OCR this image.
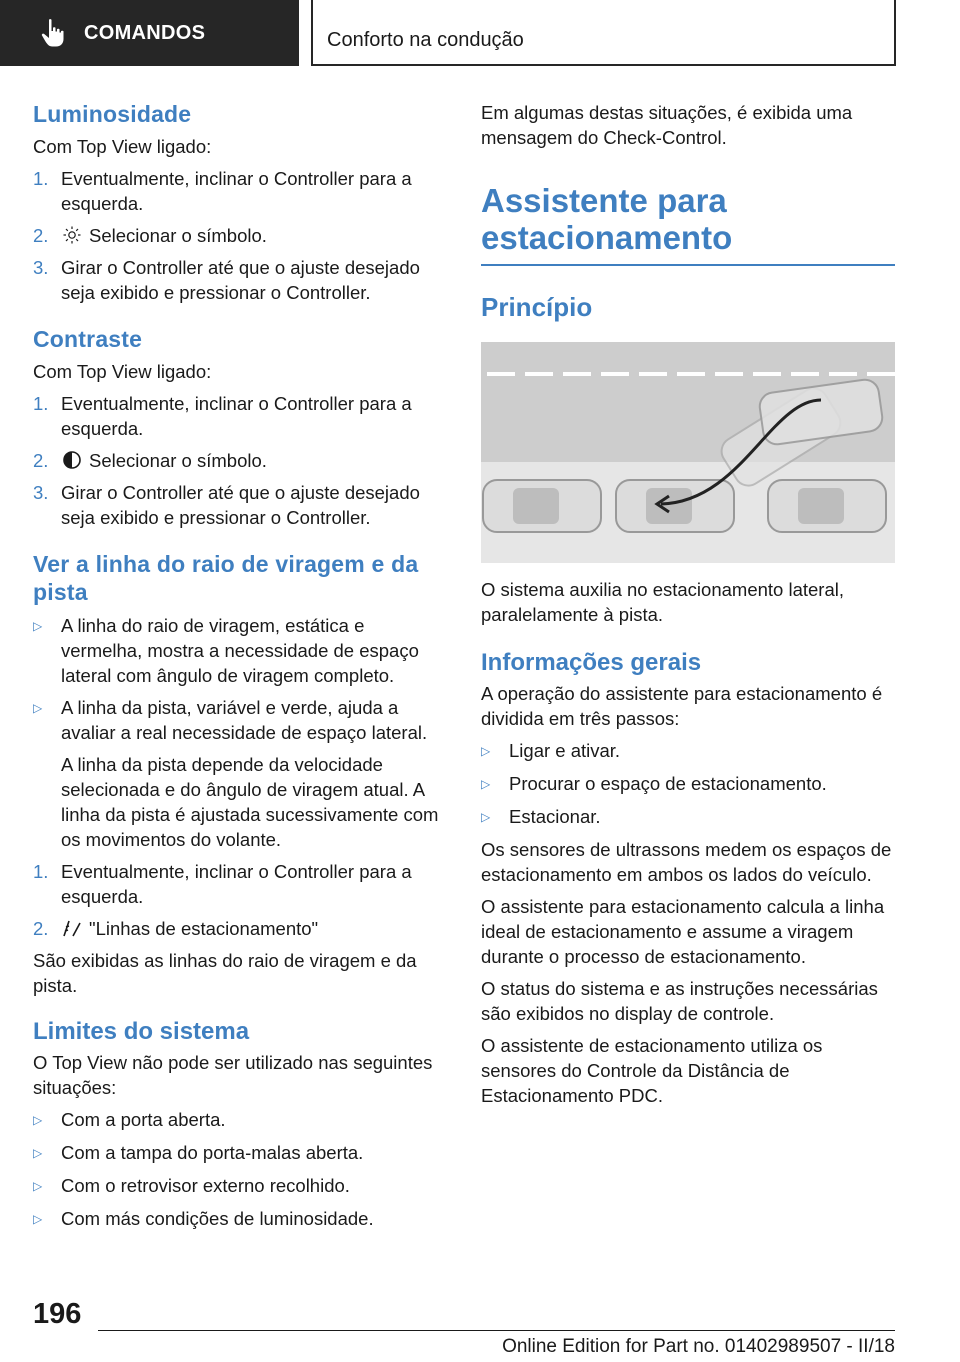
COMANDOS	Conforto na condução
Luminosidade
Com Top View ligado:
1. Eventualmente, inclinar o Controller para a esquerda.
2.	Selecionar o símbolo.
3. Girar o Controller até que o ajuste desejado seja exibido e pressionar o Controller.
Contraste
Com Top View ligado:
1. Eventualmente, inclinar o Controller para a esquerda.
2.	Selecionar o símbolo.
3. Girar o Controller até que o ajuste desejado seja exibido e pressionar o Controller.
Ver a linha do raio de viragem e da pista
▷	A linha do raio de viragem, estática e vermelha, mostra a necessidade de espaço lateral com ângulo de viragem completo.
▷	A linha da pista, variável e verde, ajuda a avaliar a real necessidade de espaço lateral.
A linha da pista depende da velocidade selecionada e do ângulo de viragem atual. A linha da pista é ajustada sucessivamente com os movimentos do volante.
1. Eventualmente, inclinar o Controller para a esquerda.
2.	"Linhas de estacionamento"
São exibidas as linhas do raio de viragem e da pista.
Limites do sistema
O Top View não pode ser utilizado nas seguintes situações:
▷	Com a porta aberta.
▷	Com a tampa do porta-malas aberta.
▷	Com o retrovisor externo recolhido.
▷	Com más condições de luminosidade.
Em algumas destas situações, é exibida uma mensagem do Check-Control.
Assistente para estacionamento
Princípio
O sistema auxilia no estacionamento lateral, paralelamente à pista.
Informações gerais
A operação do assistente para estacionamento é dividida em três passos:
▷	Ligar e ativar.
▷	Procurar o espaço de estacionamento.
▷	Estacionar.
Os sensores de ultrassons medem os espaços de estacionamento em ambos os lados do veículo.
O assistente para estacionamento calcula a linha ideal de estacionamento e assume a viragem durante o processo de estacionamento.
O status do sistema e as instruções necessárias são exibidos no display de controle.
O assistente de estacionamento utiliza os sensores do Controle da Distância de Estacionamento PDC.
196
Online Edition for Part no. 01402989507 - II/18
